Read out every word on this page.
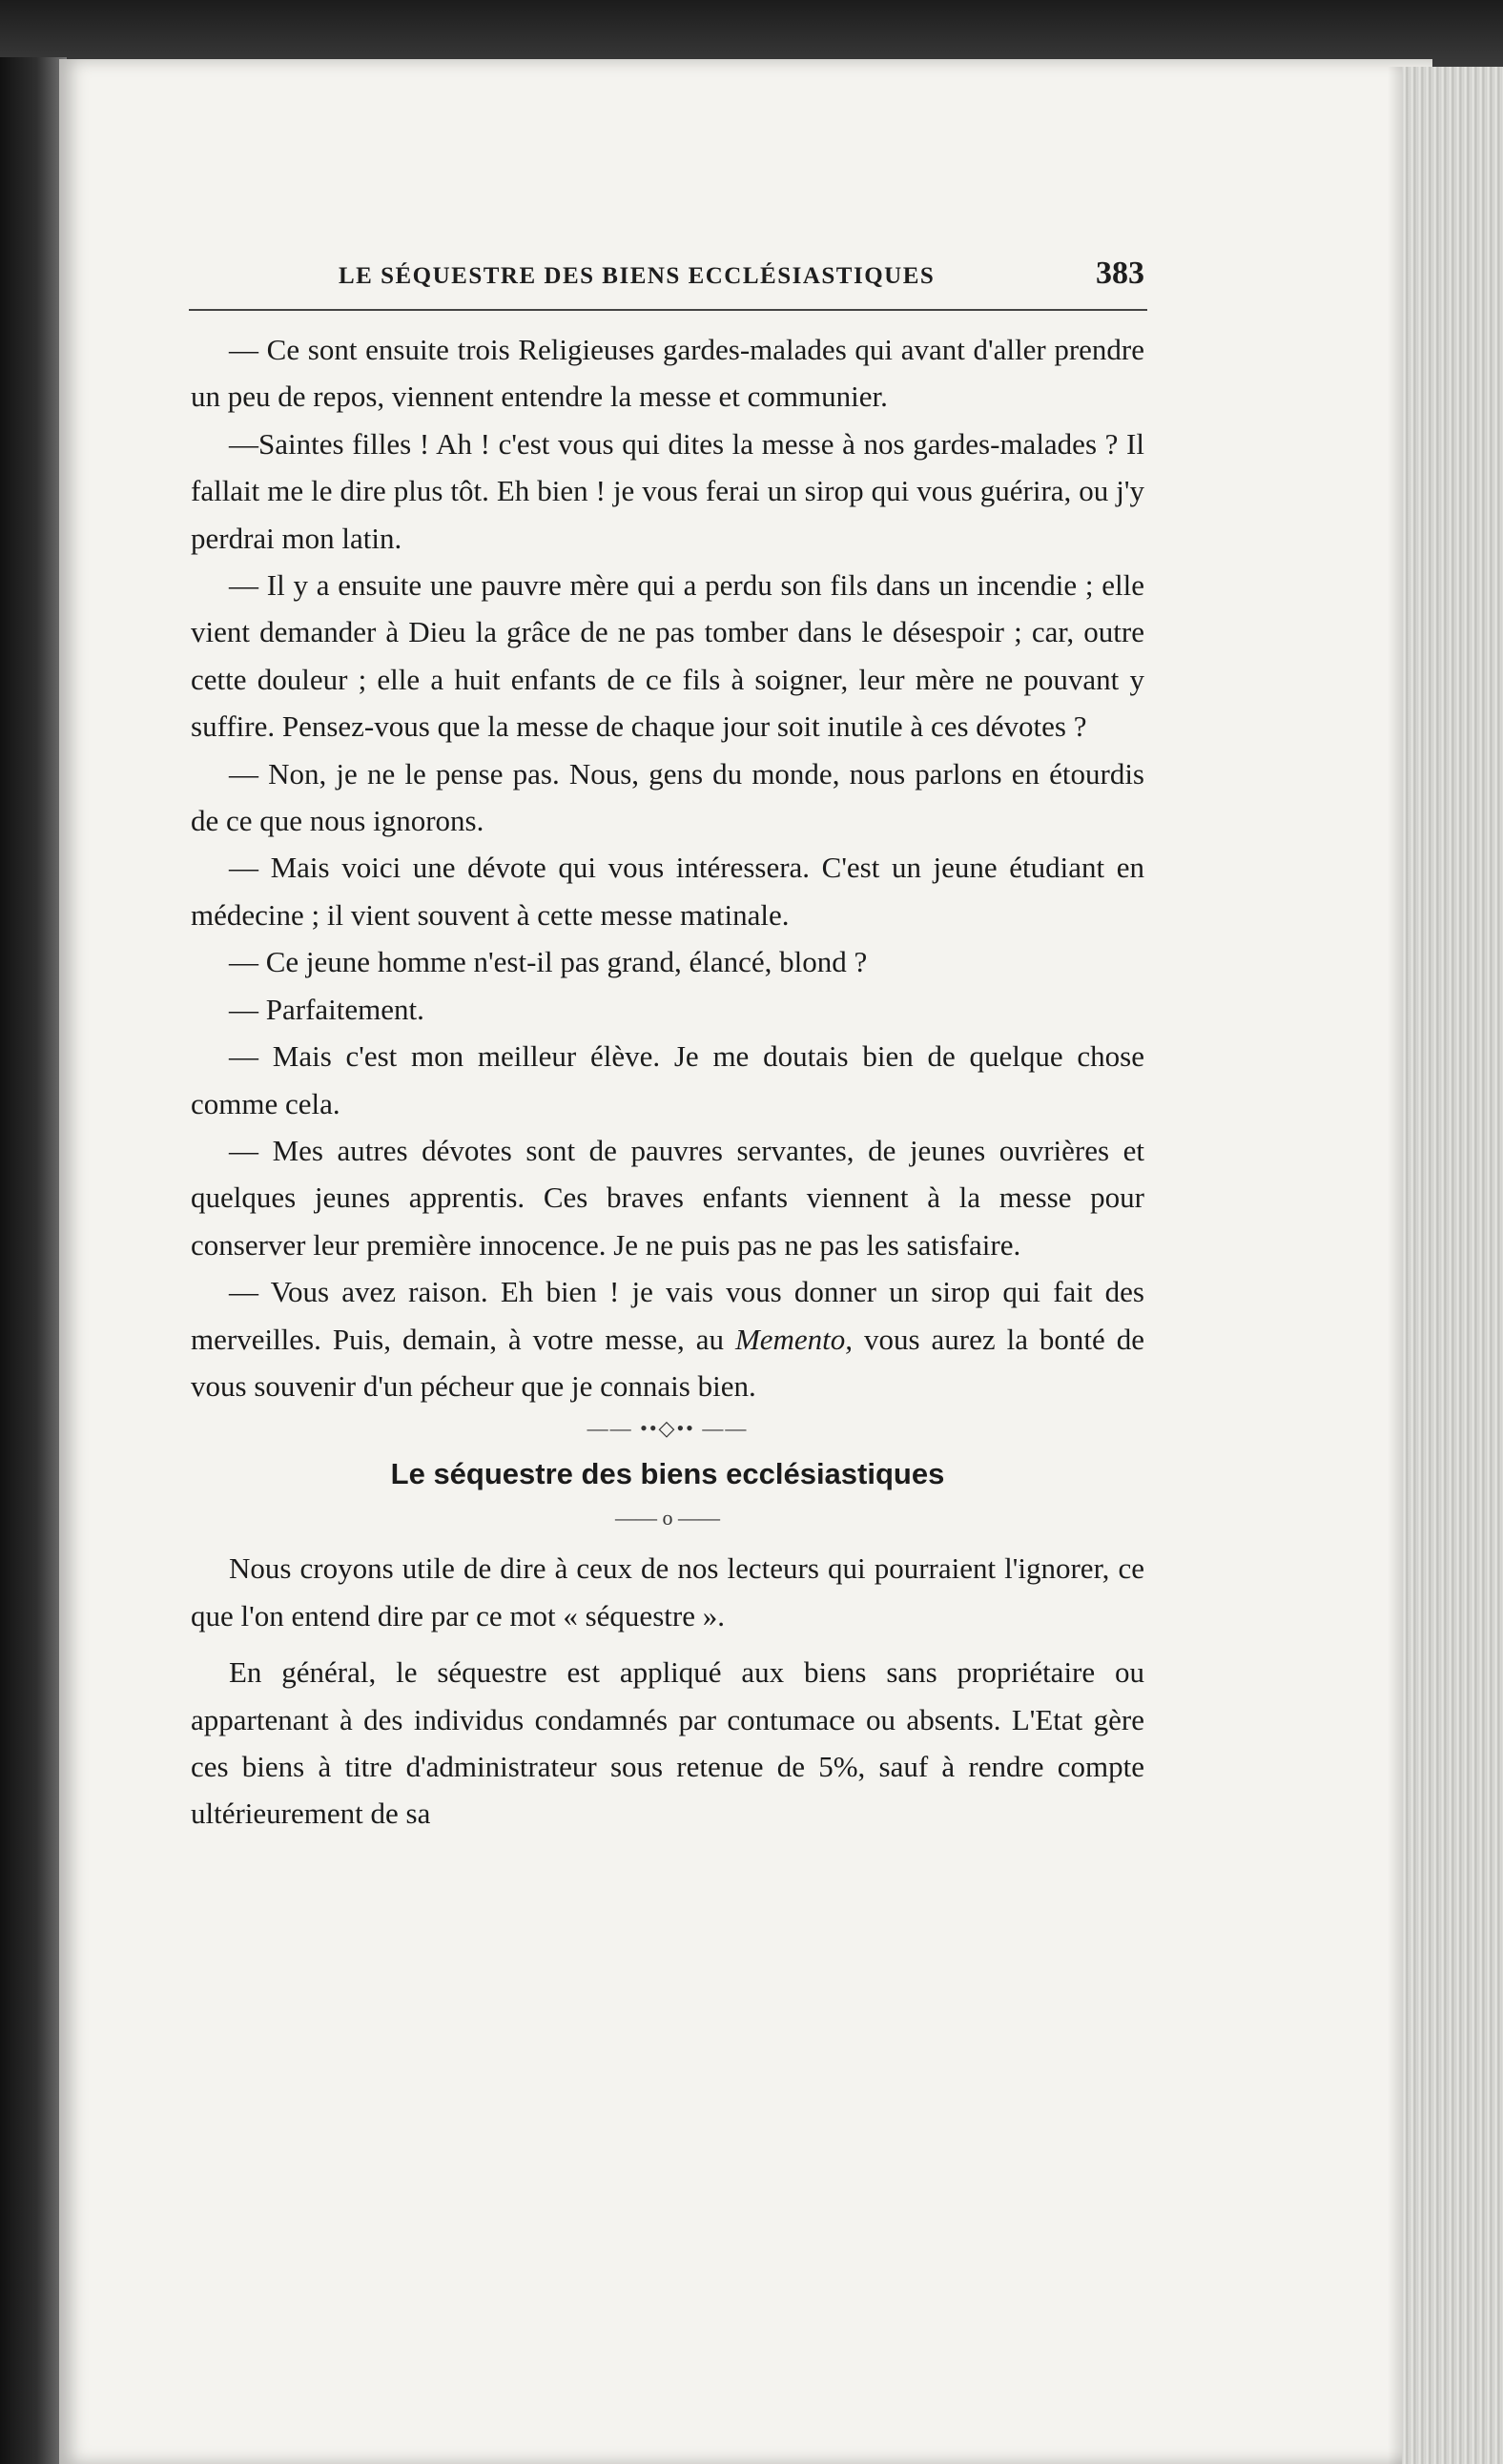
LE SÉQUESTRE DES BIENS ECCLÉSIASTIQUES	383

— Ce sont ensuite trois Religieuses gardes-malades qui avant d'aller prendre un peu de repos, viennent entendre la messe et communier.

—Saintes filles ! Ah ! c'est vous qui dites la messe à nos gardes-malades ? Il fallait me le dire plus tôt. Eh bien ! je vous ferai un sirop qui vous guérira, ou j'y perdrai mon latin.

— Il y a ensuite une pauvre mère qui a perdu son fils dans un incendie ; elle vient demander à Dieu la grâce de ne pas tomber dans le désespoir ; car, outre cette douleur ; elle a huit enfants de ce fils à soigner, leur mère ne pouvant y suffire. Pensez-vous que la messe de chaque jour soit inutile à ces dévotes ?

— Non, je ne le pense pas. Nous, gens du monde, nous parlons en étourdis de ce que nous ignorons.

— Mais voici une dévote qui vous intéressera. C'est un jeune étudiant en médecine ; il vient souvent à cette messe matinale.

— Ce jeune homme n'est-il pas grand, élancé, blond ?

— Parfaitement.

— Mais c'est mon meilleur élève. Je me doutais bien de quelque chose comme cela.

— Mes autres dévotes sont de pauvres servantes, de jeunes ouvrières et quelques jeunes apprentis. Ces braves enfants viennent à la messe pour conserver leur première innocence. Je ne puis pas ne pas les satisfaire.

— Vous avez raison. Eh bien ! je vais vous donner un sirop qui fait des merveilles. Puis, demain, à votre messe, au Memento, vous aurez la bonté de vous souvenir d'un pécheur que je connais bien.

—— ••◇•• ——
Le séquestre des biens ecclésiastiques
—— o ——

Nous croyons utile de dire à ceux de nos lecteurs qui pourraient l'ignorer, ce que l'on entend dire par ce mot « séquestre ».

En général, le séquestre est appliqué aux biens sans propriétaire ou appartenant à des individus condamnés par contumace ou absents. L'Etat gère ces biens à titre d'administrateur sous retenue de 5%, sauf à rendre compte ultérieurement de sa
